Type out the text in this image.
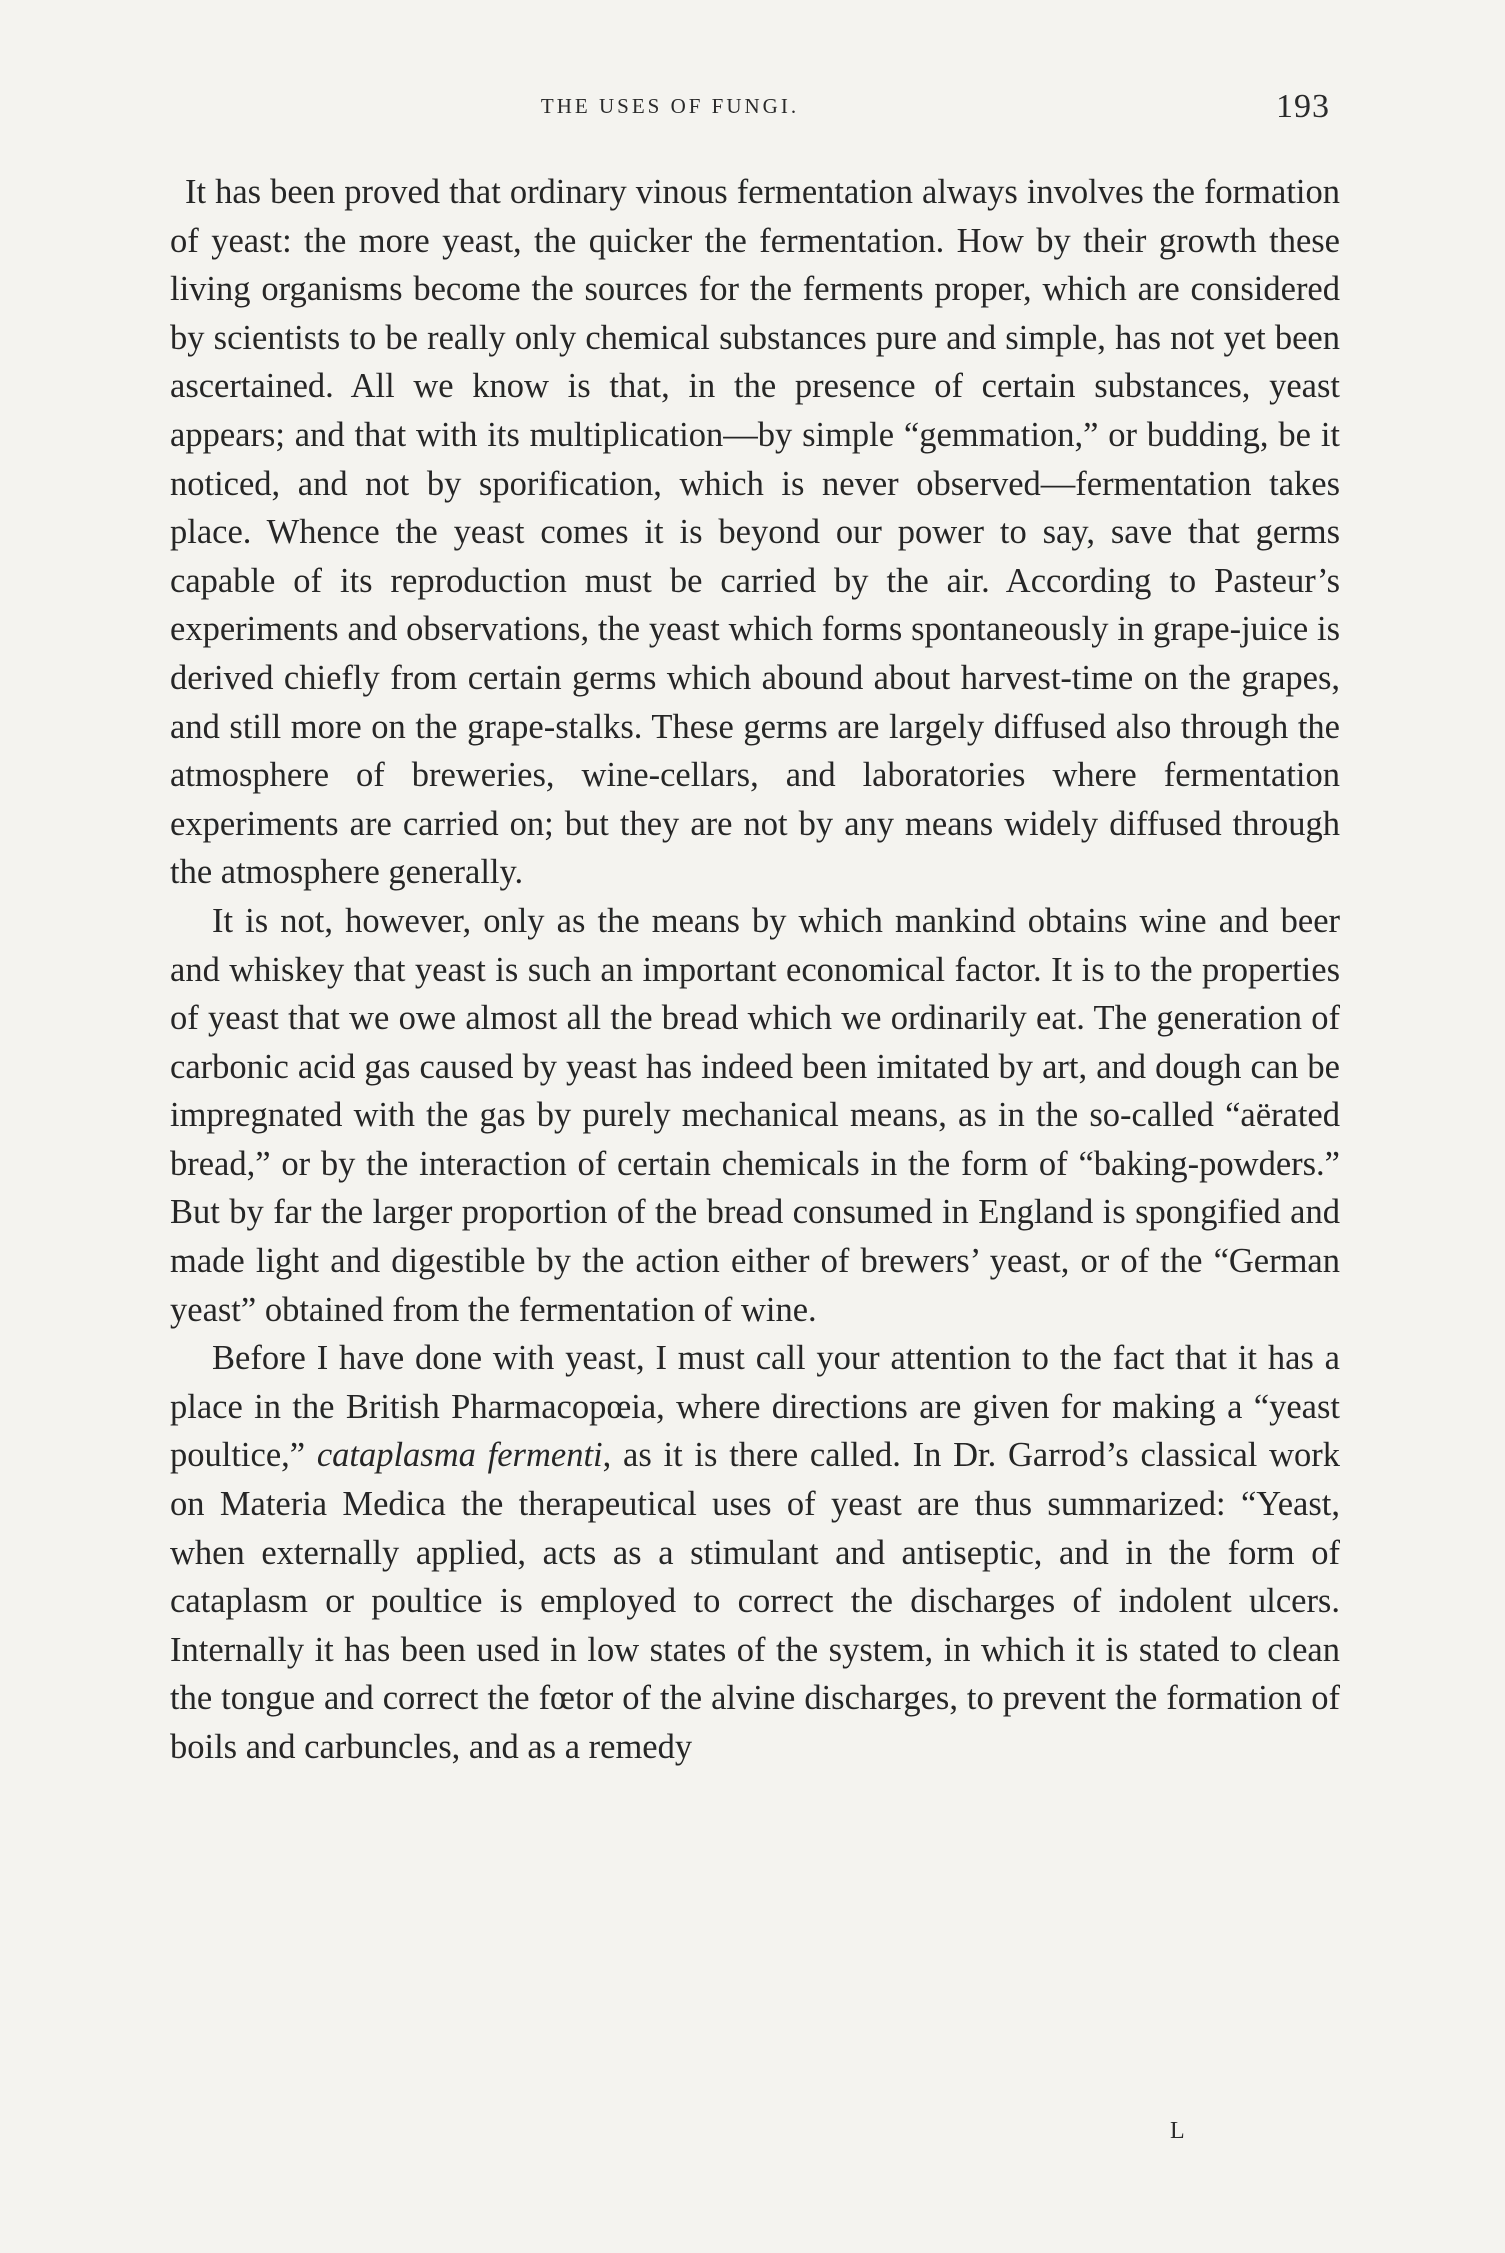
THE USES OF FUNGI.	193

It has been proved that ordinary vinous fermentation always involves the formation of yeast: the more yeast, the quicker the fermentation. How by their growth these living organisms become the sources for the ferments proper, which are considered by scientists to be really only chemical substances pure and simple, has not yet been ascertained. All we know is that, in the presence of certain substances, yeast appears; and that with its multiplication—by simple “gemmation,” or budding, be it noticed, and not by sporification, which is never observed—fermentation takes place. Whence the yeast comes it is beyond our power to say, save that germs capable of its reproduction must be carried by the air. According to Pasteur’s experiments and observations, the yeast which forms spontaneously in grape-juice is derived chiefly from certain germs which abound about harvest-time on the grapes, and still more on the grape-stalks. These germs are largely diffused also through the atmosphere of breweries, wine-cellars, and laboratories where fermentation experiments are carried on; but they are not by any means widely diffused through the atmosphere generally.

It is not, however, only as the means by which mankind obtains wine and beer and whiskey that yeast is such an important economical factor. It is to the properties of yeast that we owe almost all the bread which we ordinarily eat. The generation of carbonic acid gas caused by yeast has indeed been imitated by art, and dough can be impregnated with the gas by purely mechanical means, as in the so-called “aërated bread,” or by the interaction of certain chemicals in the form of “baking-powders.” But by far the larger proportion of the bread consumed in England is spongified and made light and digestible by the action either of brewers’ yeast, or of the “German yeast” obtained from the fermentation of wine.

Before I have done with yeast, I must call your attention to the fact that it has a place in the British Pharmacopœia, where directions are given for making a “yeast poultice,” cataplasma fermenti, as it is there called. In Dr. Garrod’s classical work on Materia Medica the therapeutical uses of yeast are thus summarized: “Yeast, when externally applied, acts as a stimulant and antiseptic, and in the form of cataplasm or poultice is employed to correct the discharges of indolent ulcers. Internally it has been used in low states of the system, in which it is stated to clean the tongue and correct the fœtor of the alvine discharges, to prevent the formation of boils and carbuncles, and as a remedy

L
